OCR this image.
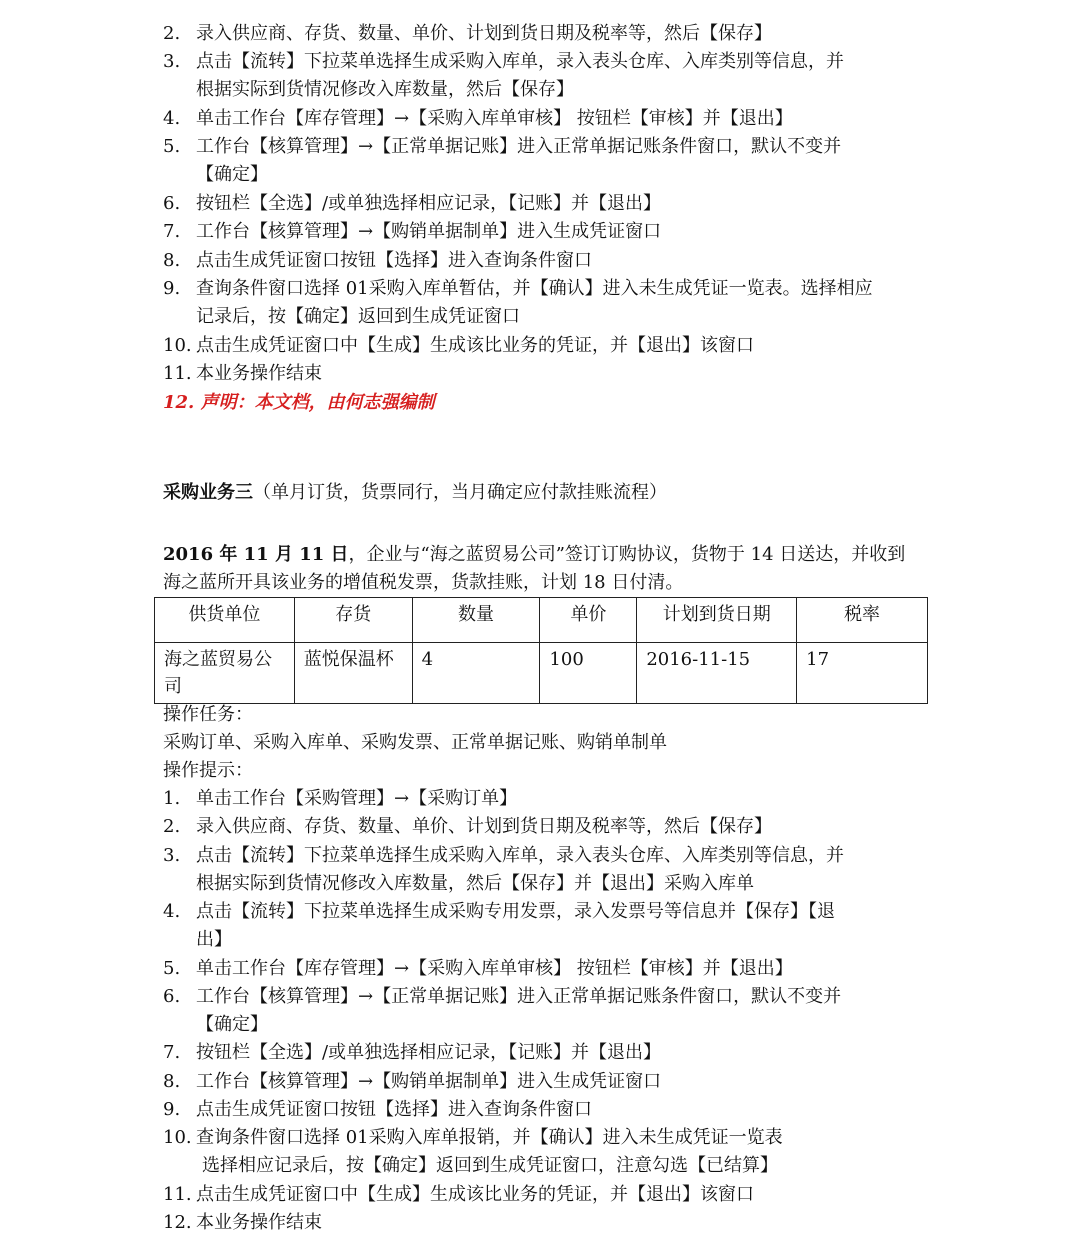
2. 录入供应商、存货、数量、单价、计划到货日期及税率等，然后【保存】
3. 点击【流转】下拉菜单选择生成采购入库单，录入表头仓库、入库类别等信息，并
根据实际到货情况修改入库数量，然后【保存】
4. 单击工作台【库存管理】→【采购入库单审核】 按钮栏【审核】并【退出】
5. 工作台【核算管理】→【正常单据记账】进入正常单据记账条件窗口，默认不变并
【确定】
6. 按钮栏【全选】/或单独选择相应记录，【记账】并【退出】
7. 工作台【核算管理】→【购销单据制单】进入生成凭证窗口
8. 点击生成凭证窗口按钮【选择】进入查询条件窗口
9. 查询条件窗口选择 01采购入库单暂估，并【确认】进入未生成凭证一览表。选择相应
记录后，按【确定】返回到生成凭证窗口
10. 点击生成凭证窗口中【生成】生成该比业务的凭证，并【退出】该窗口
11. 本业务操作结束
12. 声明：本文档，由何志强编制
采购业务三（单月订货，货票同行，当月确定应付款挂账流程）
2016 年 11 月 11 日，企业与“海之蓝贸易公司”签订订购协议，货物于 14 日送达，并收到
海之蓝所开具该业务的增值税发票，货款挂账，计划 18 日付清。
供货单位	存货	数量	单价	计划到货日期	税率
海之蓝贸易公司	蓝悦保温杯	4	100	2016-11-15	17
操作任务：
采购订单、采购入库单、采购发票、正常单据记账、购销单制单
操作提示：
1. 单击工作台【采购管理】→【采购订单】
2. 录入供应商、存货、数量、单价、计划到货日期及税率等，然后【保存】
3. 点击【流转】下拉菜单选择生成采购入库单，录入表头仓库、入库类别等信息，并
根据实际到货情况修改入库数量，然后【保存】并【退出】采购入库单
4. 点击【流转】下拉菜单选择生成采购专用发票，录入发票号等信息并【保存】【退
出】
5. 单击工作台【库存管理】→【采购入库单审核】 按钮栏【审核】并【退出】
6. 工作台【核算管理】→【正常单据记账】进入正常单据记账条件窗口，默认不变并
【确定】
7. 按钮栏【全选】/或单独选择相应记录，【记账】并【退出】
8. 工作台【核算管理】→【购销单据制单】进入生成凭证窗口
9. 点击生成凭证窗口按钮【选择】进入查询条件窗口
10. 查询条件窗口选择 01采购入库单报销，并【确认】进入未生成凭证一览表
选择相应记录后，按【确定】返回到生成凭证窗口，注意勾选【已结算】
11. 点击生成凭证窗口中【生成】生成该比业务的凭证，并【退出】该窗口
12. 本业务操作结束
